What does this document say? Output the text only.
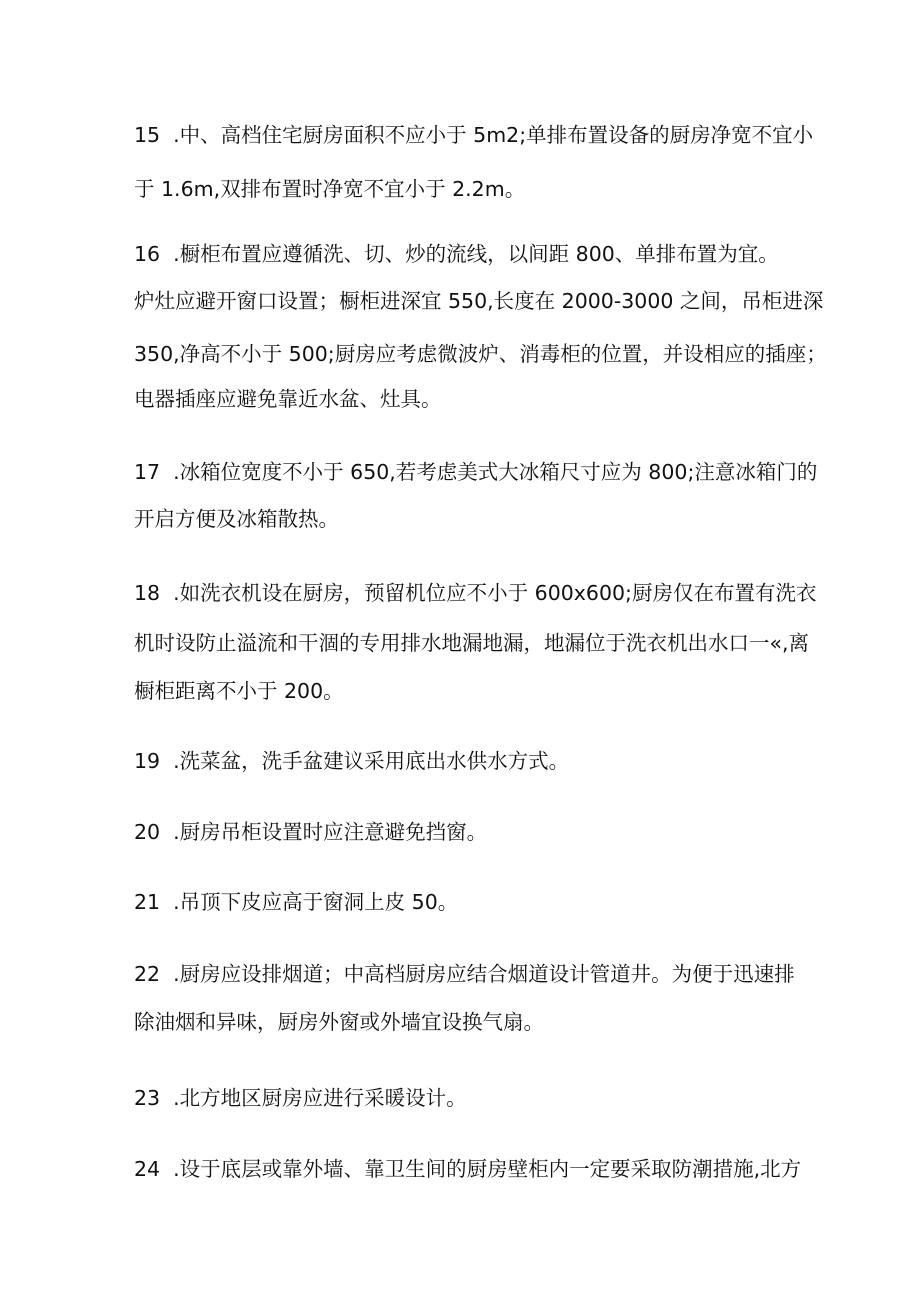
15  .中、高档住宅厨房面积不应小于 5m2;单排布置设备的厨房净宽不宜小
于 1.6m,双排布置时净宽不宜小于 2.2m。
16  .橱柜布置应遵循洗、切、炒的流线，以间距 800、单排布置为宜。
炉灶应避开窗口设置；橱柜进深宜 550,长度在 2000-3000 之间，吊柜进深
350,净高不小于 500;厨房应考虑微波炉、消毒柜的位置，并设相应的插座；
电器插座应避免靠近水盆、灶具。
17  .冰箱位宽度不小于 650,若考虑美式大冰箱尺寸应为 800;注意冰箱门的
开启方便及冰箱散热。
18  .如洗衣机设在厨房，预留机位应不小于 600x600;厨房仅在布置有洗衣
机时设防止溢流和干涸的专用排水地漏地漏，地漏位于洗衣机出水口一«,离
橱柜距离不小于 200。
19  .洗菜盆，洗手盆建议采用底出水供水方式。
20  .厨房吊柜设置时应注意避免挡窗。
21  .吊顶下皮应高于窗洞上皮 50。
22  .厨房应设排烟道；中高档厨房应结合烟道设计管道井。为便于迅速排
除油烟和异味，厨房外窗或外墙宜设换气扇。
23  .北方地区厨房应进行采暖设计。
24  .设于底层或靠外墙、靠卫生间的厨房壁柜内一定要采取防潮措施,北方
